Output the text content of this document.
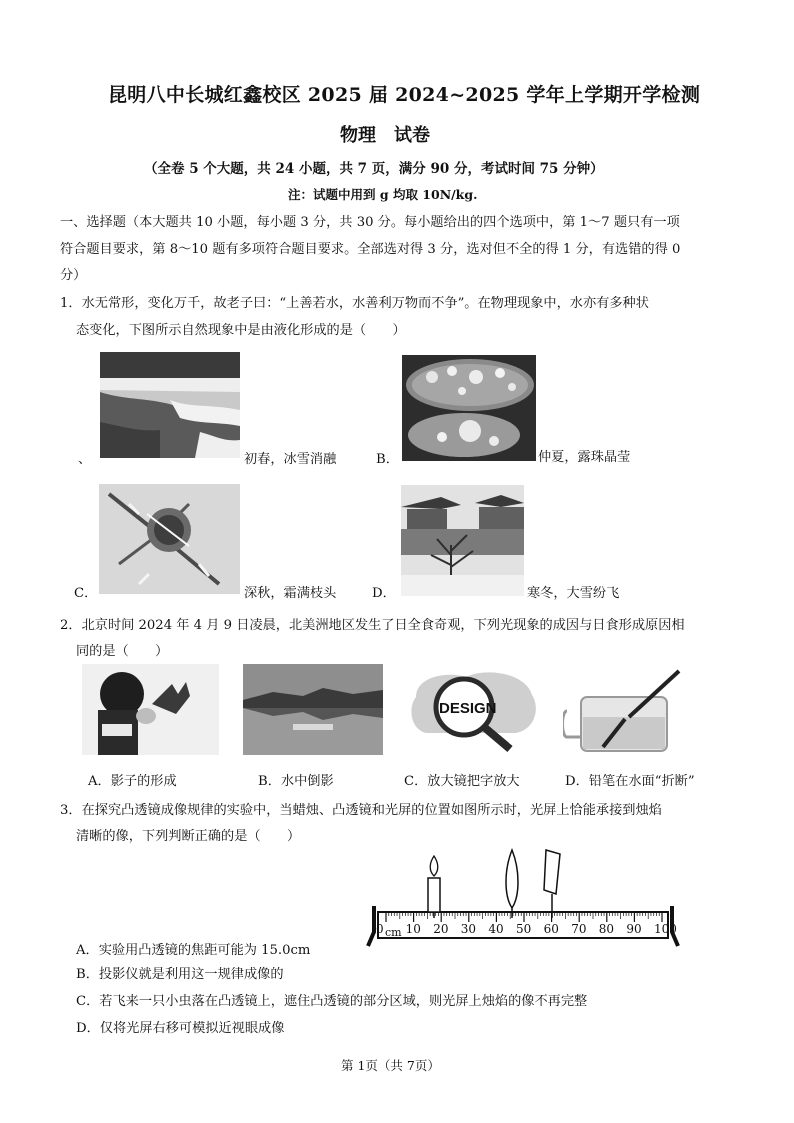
昆明八中长城红鑫校区 2025 届 2024~2025 学年上学期开学检测
物理　试卷
（全卷 5 个大题，共 24 小题，共 7 页，满分 90 分，考试时间 75 分钟）
注：试题中用到 g 均取 10N/kg.
一、选择题（本大题共 10 小题，每小题 3 分，共 30 分。每小题给出的四个选项中，第 1～7 题只有一项
符合题目要求，第 8～10 题有多项符合题目要求。全部选对得 3 分，选对但不全的得 1 分，有选错的得 0
分）
1．水无常形，变化万千，故老子曰：“上善若水，水善利万物而不争”。在物理现象中，水亦有多种状
态变化，下图所示自然现象中是由液化形成的是（　　）
、	初春，冰雪消融	B．	仲夏，露珠晶莹
C．	深秋，霜满枝头	D．	寒冬，大雪纷飞
2．北京时间 2024 年 4 月 9 日凌晨，北美洲地区发生了日全食奇观，下列光现象的成因与日食形成原因相
同的是（　　）
DESIGN
A．影子的形成	B．水中倒影	C．放大镜把字放大	D．铅笔在水面“折断”
3．在探究凸透镜成像规律的实验中，当蜡烛、凸透镜和光屏的位置如图所示时，光屏上恰能承接到烛焰
清晰的像，下列判断正确的是（　　）
cm
0 10 20 30 40 50 60 70 80 90 100
A．实验用凸透镜的焦距可能为 15.0cm
B．投影仪就是利用这一规律成像的
C．若飞来一只小虫落在凸透镜上，遮住凸透镜的部分区域，则光屏上烛焰的像不再完整
D．仅将光屏右移可模拟近视眼成像
第 1页（共 7页）
